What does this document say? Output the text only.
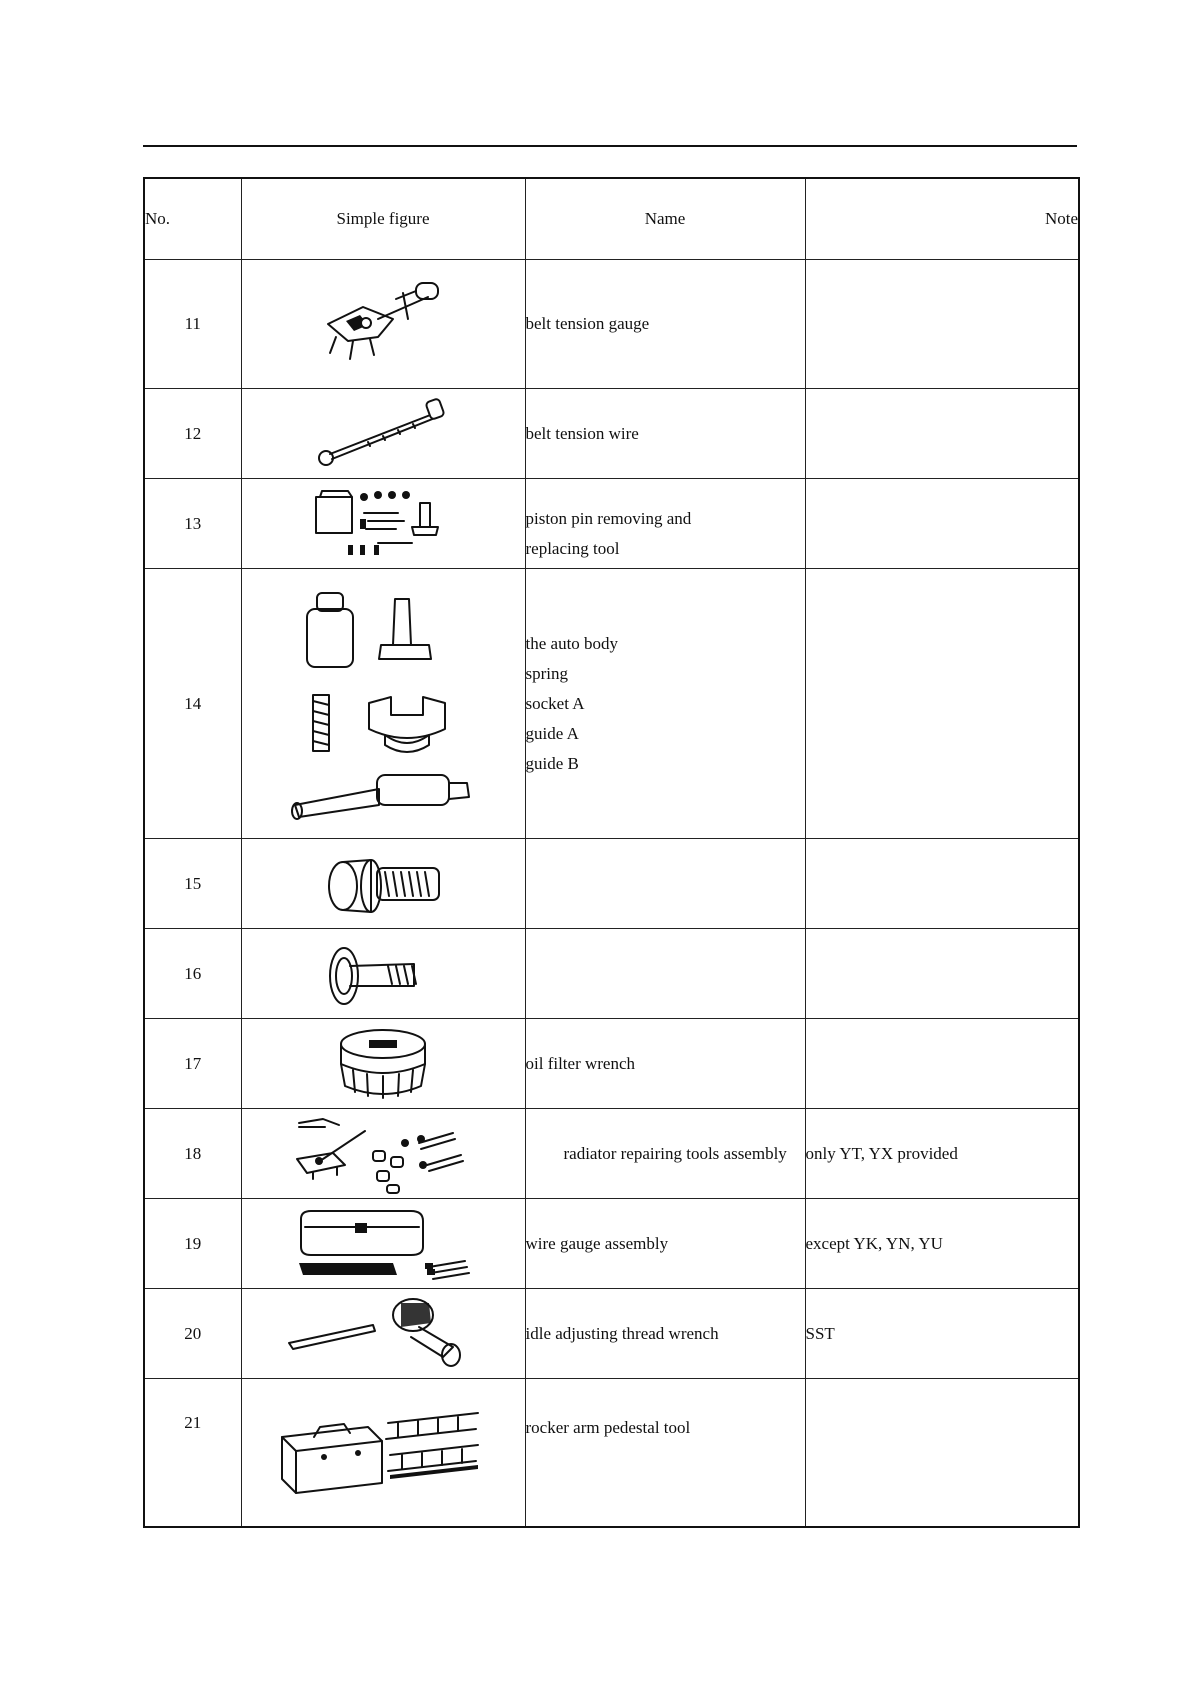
No.	Simple figure	Name	Note
11		belt tension gauge	

12		belt tension wire	

13		piston pin removing and
replacing tool	

14		the auto body
spring
socket A
guide A
guide B	

15	

16	

17		oil filter wrench	

18		radiator repairing tools assembly	only YT, YX provided
19		wire gauge assembly	except YK, YN, YU
20		idle adjusting thread wrench	SST
21		rocker arm pedestal tool	
